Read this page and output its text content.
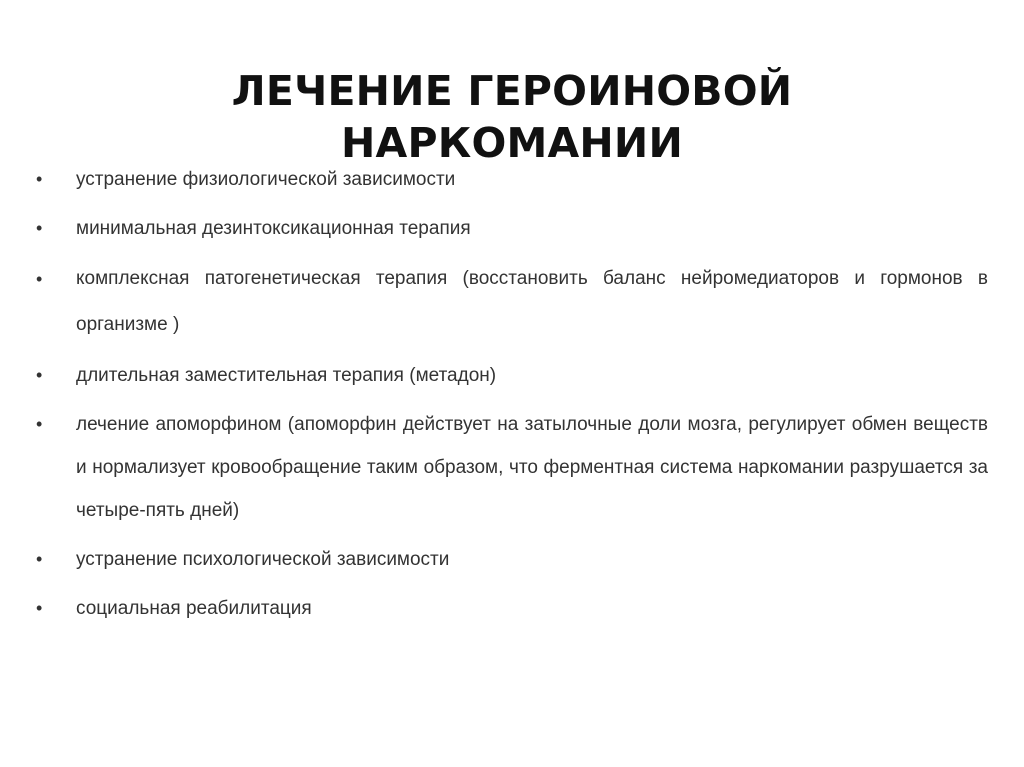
ЛЕЧЕНИЕ ГЕРОИНОВОЙ
НАРКОМАНИИ
•	устранение физиологической зависимости
•	минимальная дезинтоксикационная терапия
•	комплексная патогенетическая терапия (восстановить баланс нейромедиаторов и гормонов в организме )
•	длительная заместительная терапия (метадон)
•	лечение апоморфином (апоморфин действует на затылочные доли мозга, регулирует обмен веществ и нормализует кровообращение таким образом, что ферментная система наркомании разрушается за четыре-пять дней)
•	устранение психологической зависимости
•	социальная реабилитация
